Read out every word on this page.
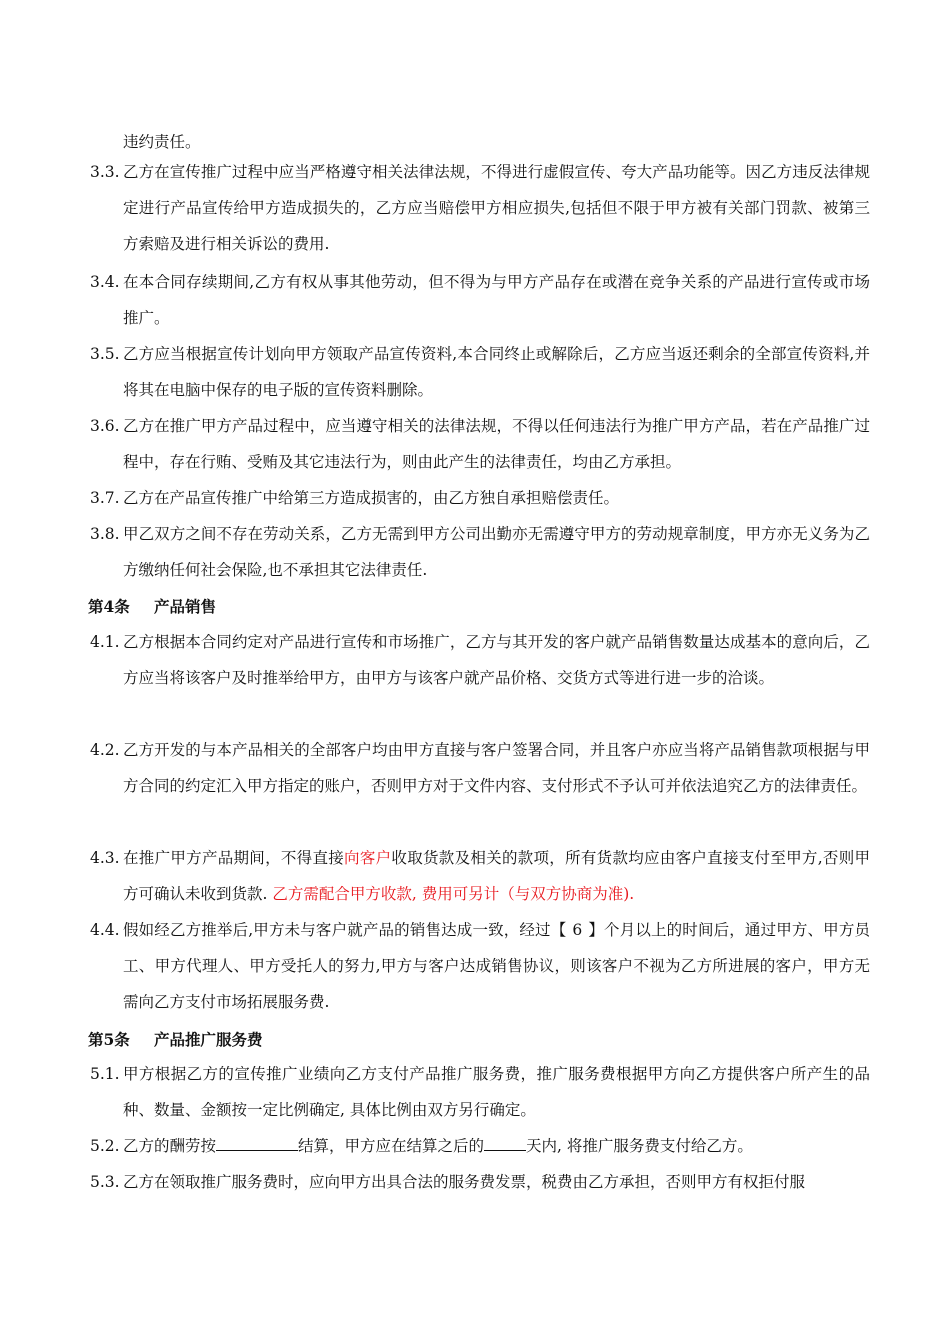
违约责任。
3.3. 乙方在宣传推广过程中应当严格遵守相关法律法规，不得进行虚假宣传、夸大产品功能等。因乙方违反法律规定进行产品宣传给甲方造成损失的，乙方应当赔偿甲方相应损失,包括但不限于甲方被有关部门罚款、被第三方索赔及进行相关诉讼的费用.
3.4. 在本合同存续期间,乙方有权从事其他劳动，但不得为与甲方产品存在或潜在竞争关系的产品进行宣传或市场推广。
3.5. 乙方应当根据宣传计划向甲方领取产品宣传资料,本合同终止或解除后，乙方应当返还剩余的全部宣传资料,并将其在电脑中保存的电子版的宣传资料删除。
3.6. 乙方在推广甲方产品过程中，应当遵守相关的法律法规，不得以任何违法行为推广甲方产品，若在产品推广过程中，存在行贿、受贿及其它违法行为，则由此产生的法律责任，均由乙方承担。
3.7. 乙方在产品宣传推广中给第三方造成损害的，由乙方独自承担赔偿责任。
3.8. 甲乙双方之间不存在劳动关系，乙方无需到甲方公司出勤亦无需遵守甲方的劳动规章制度，甲方亦无义务为乙方缴纳任何社会保险,也不承担其它法律责任.
第4条 产品销售
4.1. 乙方根据本合同约定对产品进行宣传和市场推广，乙方与其开发的客户就产品销售数量达成基本的意向后，乙方应当将该客户及时推举给甲方，由甲方与该客户就产品价格、交货方式等进行进一步的洽谈。
4.2. 乙方开发的与本产品相关的全部客户均由甲方直接与客户签署合同，并且客户亦应当将产品销售款项根据与甲方合同的约定汇入甲方指定的账户，否则甲方对于文件内容、支付形式不予认可并依法追究乙方的法律责任。
4.3. 在推广甲方产品期间，不得直接向客户收取货款及相关的款项，所有货款均应由客户直接支付至甲方,否则甲方可确认未收到货款. 乙方需配合甲方收款, 费用可另计（与双方协商为准).
4.4. 假如经乙方推举后,甲方未与客户就产品的销售达成一致，经过【 6 】个月以上的时间后，通过甲方、甲方员工、甲方代理人、甲方受托人的努力,甲方与客户达成销售协议，则该客户不视为乙方所进展的客户，甲方无需向乙方支付市场拓展服务费.
第5条 产品推广服务费
5.1. 甲方根据乙方的宣传推广业绩向乙方支付产品推广服务费，推广服务费根据甲方向乙方提供客户所产生的品种、数量、金额按一定比例确定, 具体比例由双方另行确定。
5.2. 乙方的酬劳按	结算，甲方应在结算之后的	天内, 将推广服务费支付给乙方。
5.3. 乙方在领取推广服务费时，应向甲方出具合法的服务费发票，税费由乙方承担，否则甲方有权拒付服
